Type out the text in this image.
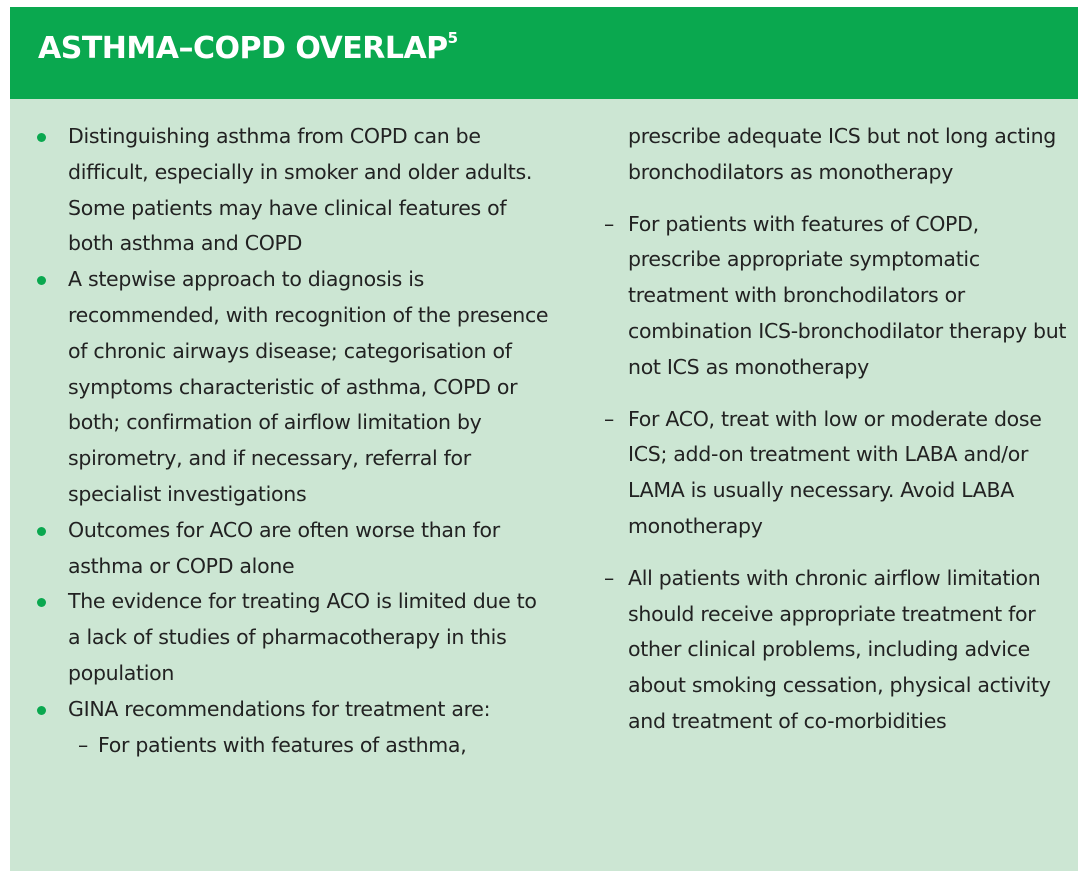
ASTHMA–COPD OVERLAP$^5$
Distinguishing asthma from COPD can be difficult, especially in smoker and older adults. Some patients may have clinical features of both asthma and COPD
A stepwise approach to diagnosis is recommended, with recognition of the presence of chronic airways disease; categorisation of symptoms characteristic of asthma, COPD or both; confirmation of airflow limitation by spirometry, and if necessary, referral for specialist investigations
Outcomes for ACO are often worse than for asthma or COPD alone
The evidence for treating ACO is limited due to a lack of studies of pharmacotherapy in this population
GINA recommendations for treatment are:
– For patients with features of asthma,
prescribe adequate ICS but not long acting bronchodilators as monotherapy
– For patients with features of COPD, prescribe appropriate symptomatic treatment with bronchodilators or combination ICS-bronchodilator therapy but not ICS as monotherapy
– For ACO, treat with low or moderate dose ICS; add-on treatment with LABA and/or LAMA is usually necessary. Avoid LABA monotherapy
– All patients with chronic airflow limitation should receive appropriate treatment for other clinical problems, including advice about smoking cessation, physical activity and treatment of co-morbidities
